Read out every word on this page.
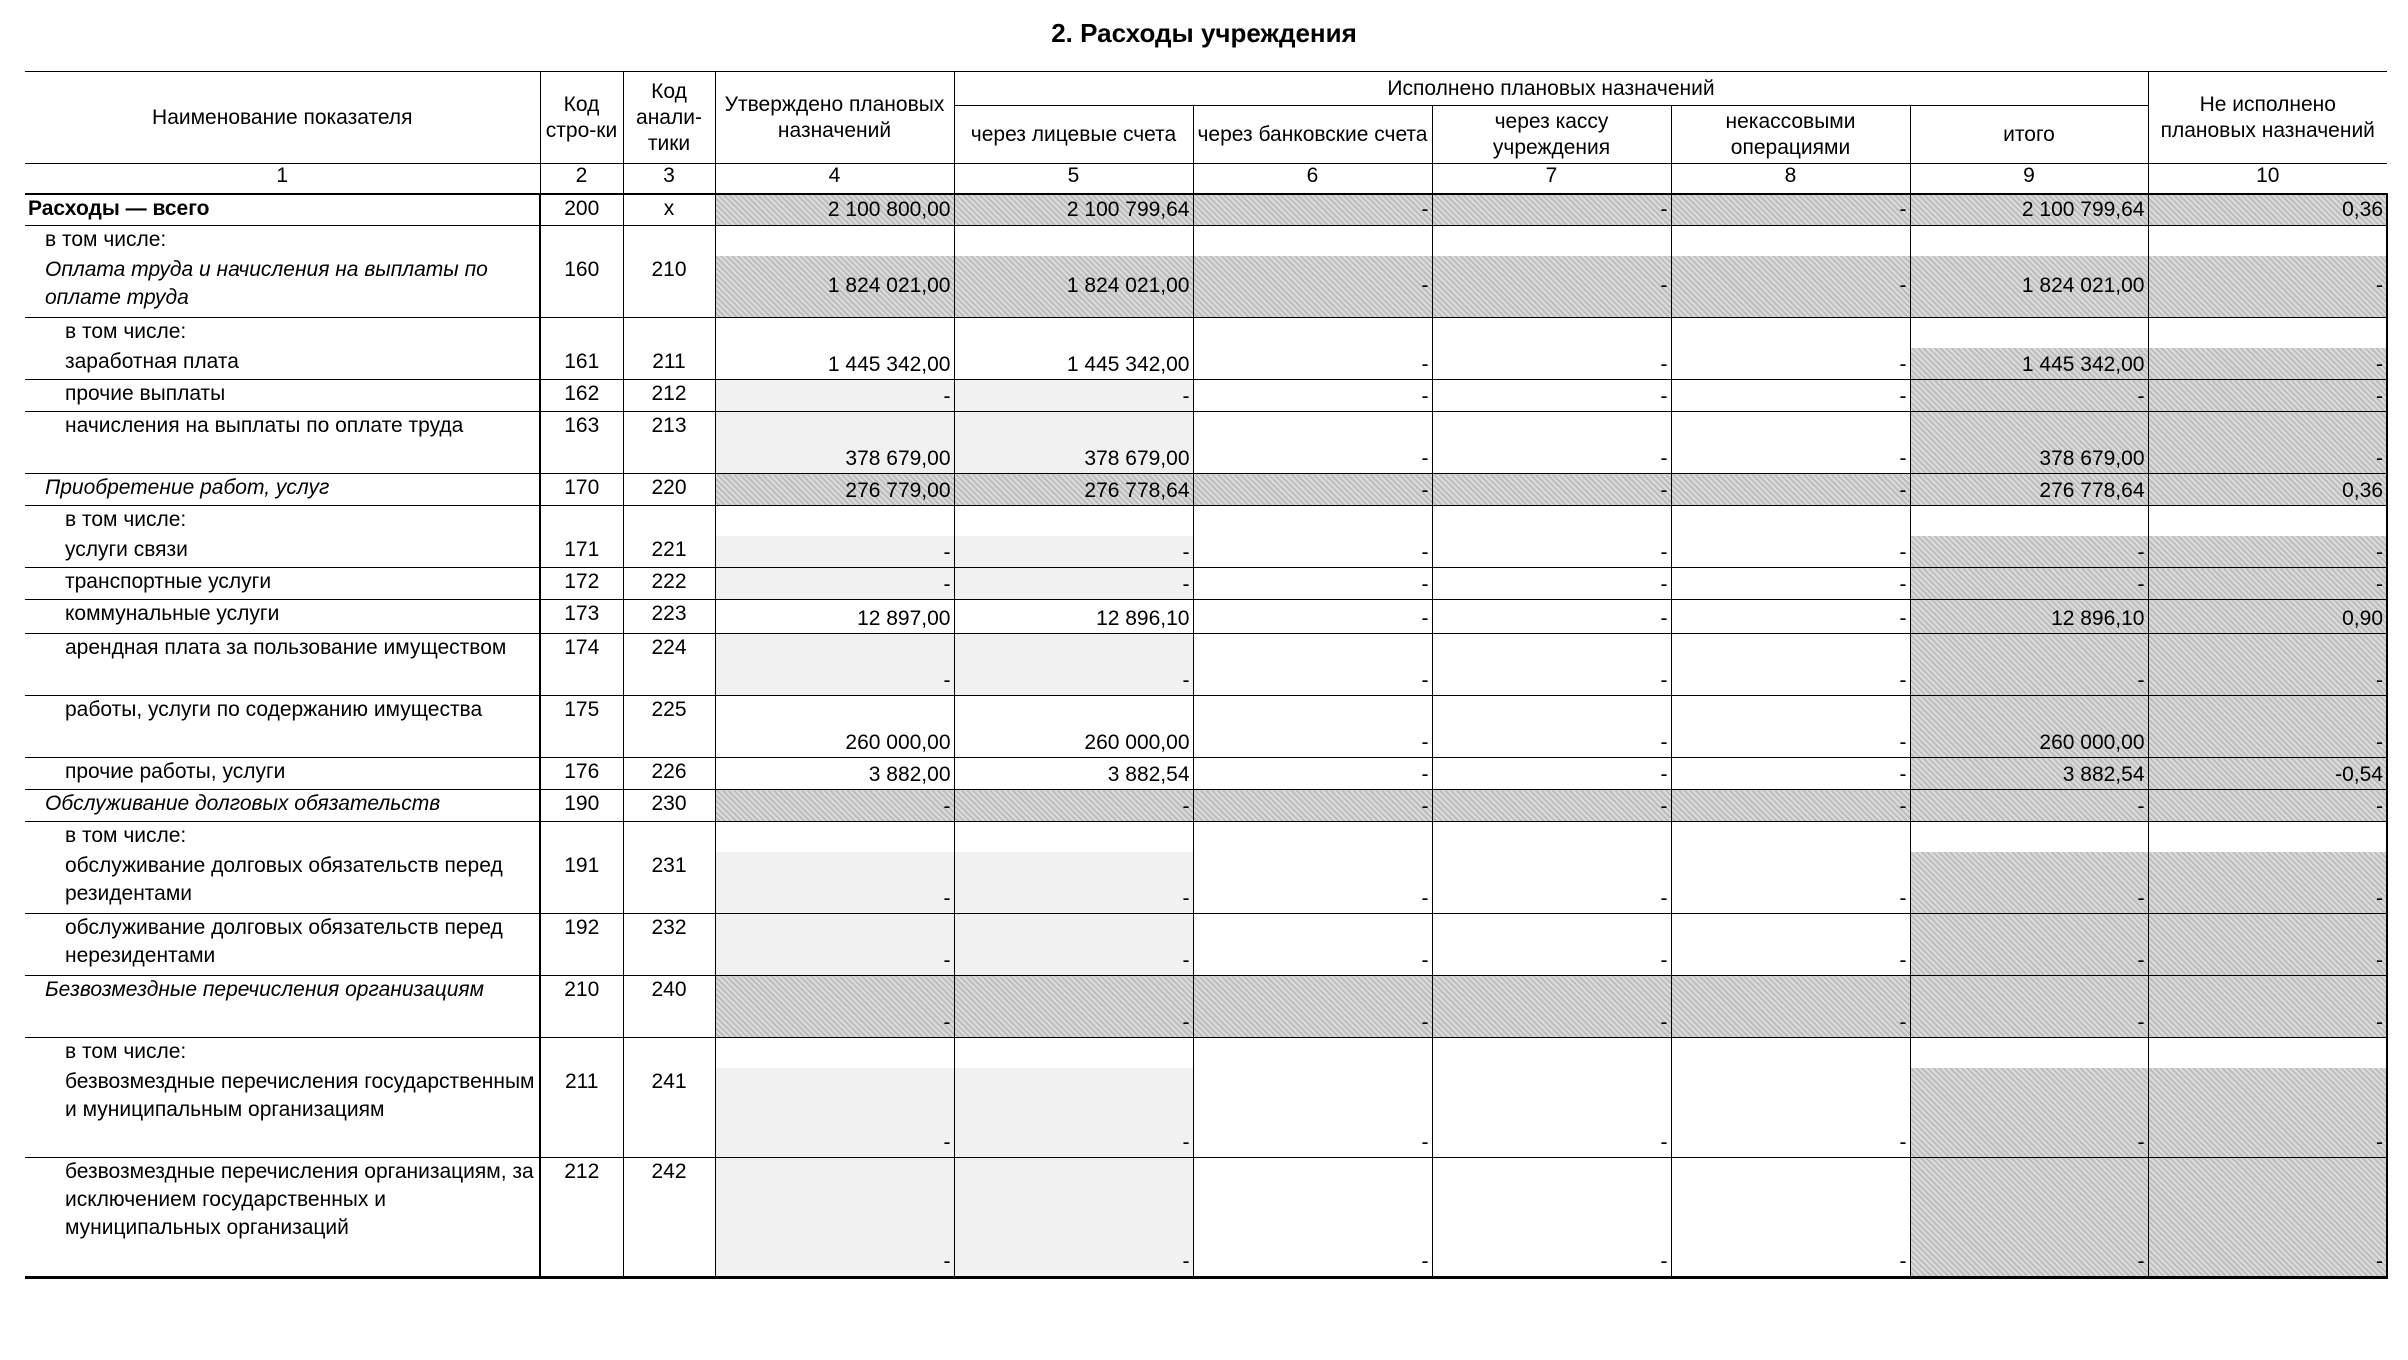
2. Расходы учреждения
Наименование показателя	Код стро-ки	Код анали-тики	Утверждено плановых назначений	Исполнено плановых назначений					Не исполнено плановых назначений
				через лицевые счета	через банковские счета	через кассу учреждения	некассовыми операциями	итого	
1	2	3	4	5	6	7	8	9	10
Расходы — всего	200	x	2 100 800,00	2 100 799,64	-	-	-	2 100 799,64	0,36
в том числе:									
Оплата труда и начисления на выплаты по оплате труда	160	210	1 824 021,00	1 824 021,00	-	-	-	1 824 021,00	-
в том числе:									
заработная плата	161	211	1 445 342,00	1 445 342,00	-	-	-	1 445 342,00	-
прочие выплаты	162	212	-	-	-	-	-	-	-
начисления на выплаты по оплате труда	163	213	378 679,00	378 679,00	-	-	-	378 679,00	-
Приобретение работ, услуг	170	220	276 779,00	276 778,64	-	-	-	276 778,64	0,36
в том числе:									
услуги связи	171	221	-	-	-	-	-	-	-
транспортные услуги	172	222	-	-	-	-	-	-	-
коммунальные услуги	173	223	12 897,00	12 896,10	-	-	-	12 896,10	0,90
арендная плата за пользование имуществом	174	224	-	-	-	-	-	-	-
работы, услуги по содержанию имущества	175	225	260 000,00	260 000,00	-	-	-	260 000,00	-
прочие работы, услуги	176	226	3 882,00	3 882,54	-	-	-	3 882,54	-0,54
Обслуживание долговых обязательств	190	230	-	-	-	-	-	-	-
в том числе:									
обслуживание долговых обязательств перед резидентами	191	231	-	-	-	-	-	-	-
обслуживание долговых обязательств перед нерезидентами	192	232	-	-	-	-	-	-	-
Безвозмездные перечисления организациям	210	240	-	-	-	-	-	-	-
в том числе:									
безвозмездные перечисления государственным и муниципальным организациям	211	241	-	-	-	-	-	-	-
безвозмездные перечисления организациям, за исключением государственных и муниципальных организаций	212	242	-	-	-	-	-	-	-
